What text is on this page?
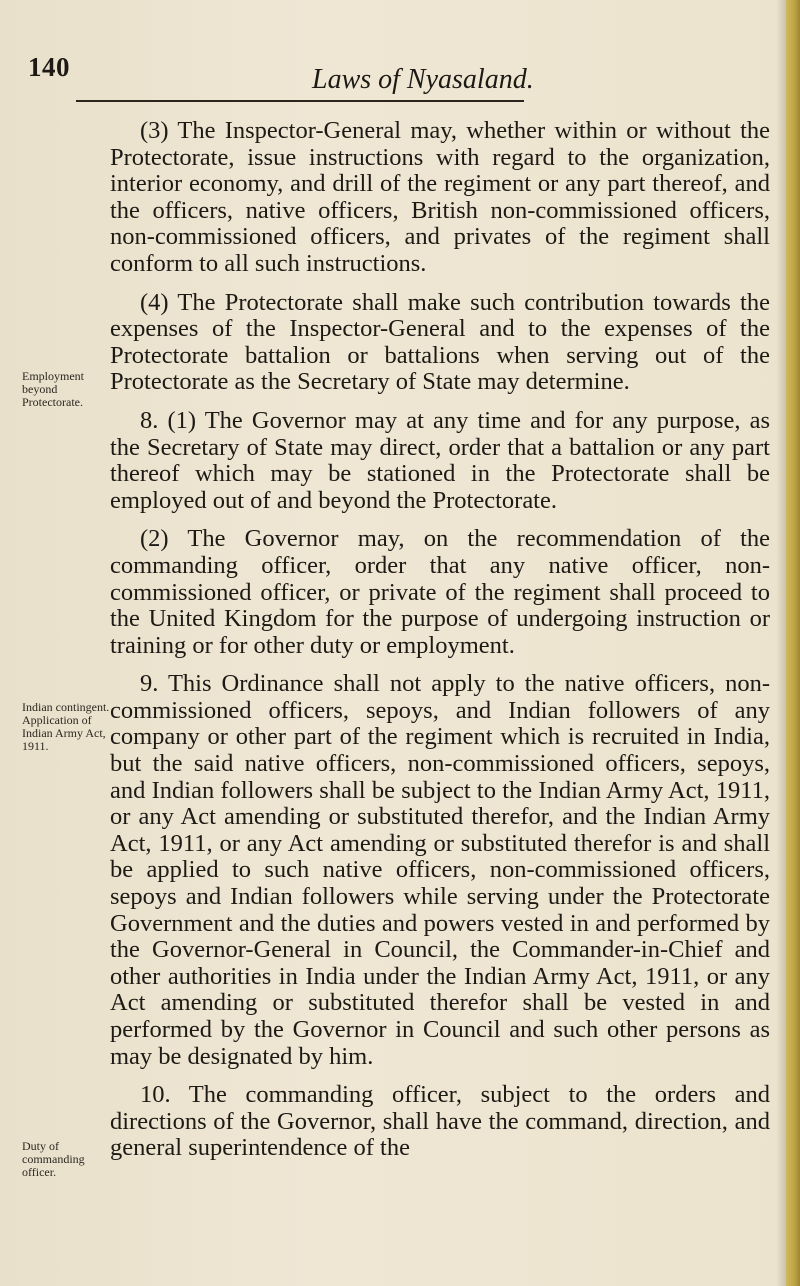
140	Laws of Nyasaland.
Employment beyond Protectorate.
Indian contingent. Application of Indian Army Act, 1911.
Duty of commanding officer.

(3) The Inspector-General may, whether within or without the Protectorate, issue instructions with regard to the organization, interior economy, and drill of the regiment or any part thereof, and the officers, native officers, British non-commissioned officers, non-commissioned officers, and privates of the regiment shall conform to all such instructions.

(4) The Protectorate shall make such contribution towards the expenses of the Inspector-General and to the expenses of the Protectorate battalion or battalions when serving out of the Protectorate as the Secretary of State may determine.

8. (1) The Governor may at any time and for any purpose, as the Secretary of State may direct, order that a battalion or any part thereof which may be stationed in the Protectorate shall be employed out of and beyond the Protectorate.

(2) The Governor may, on the recommendation of the commanding officer, order that any native officer, non-commissioned officer, or private of the regiment shall proceed to the United Kingdom for the purpose of undergoing instruction or training or for other duty or employment.

9. This Ordinance shall not apply to the native officers, non-commissioned officers, sepoys, and Indian followers of any company or other part of the regiment which is recruited in India, but the said native officers, non-commissioned officers, sepoys, and Indian followers shall be subject to the Indian Army Act, 1911, or any Act amending or substituted therefor, and the Indian Army Act, 1911, or any Act amending or substituted therefor is and shall be applied to such native officers, non-commissioned officers, sepoys and Indian followers while serving under the Protectorate Government and the duties and powers vested in and performed by the Governor-General in Council, the Commander-in-Chief and other authorities in India under the Indian Army Act, 1911, or any Act amending or substituted therefor shall be vested in and performed by the Governor in Council and such other persons as may be designated by him.

10. The commanding officer, subject to the orders and directions of the Governor, shall have the command, direction, and general superintendence of the
